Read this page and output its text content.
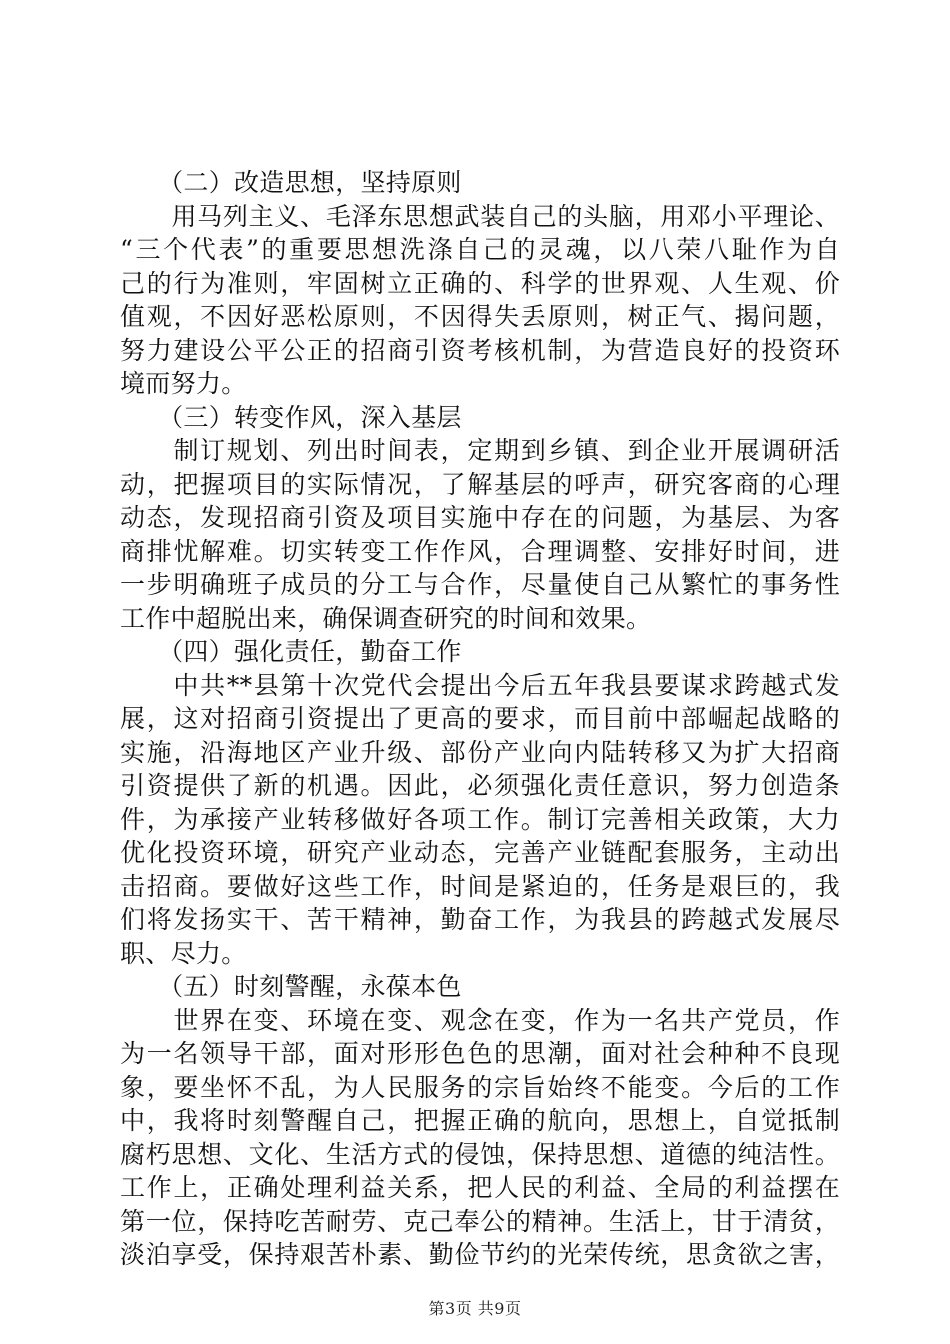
　　（二）改造思想，坚持原则
　　用马列主义、毛泽东思想武装自己的头脑，用邓小平理论、
“三个代表”的重要思想洗涤自己的灵魂，以八荣八耻作为自
己的行为准则，牢固树立正确的、科学的世界观、人生观、价
值观，不因好恶松原则，不因得失丢原则，树正气、揭问题，
努力建设公平公正的招商引资考核机制，为营造良好的投资环
境而努力。
　　（三）转变作风，深入基层
　　制订规划、列出时间表，定期到乡镇、到企业开展调研活
动，把握项目的实际情况，了解基层的呼声，研究客商的心理
动态，发现招商引资及项目实施中存在的问题，为基层、为客
商排忧解难。切实转变工作作风，合理调整、安排好时间，进
一步明确班子成员的分工与合作，尽量使自己从繁忙的事务性
工作中超脱出来，确保调查研究的时间和效果。
　　（四）强化责任，勤奋工作
　　中共**县第十次党代会提出今后五年我县要谋求跨越式发
展，这对招商引资提出了更高的要求，而目前中部崛起战略的
实施，沿海地区产业升级、部份产业向内陆转移又为扩大招商
引资提供了新的机遇。因此，必须强化责任意识，努力创造条
件，为承接产业转移做好各项工作。制订完善相关政策，大力
优化投资环境，研究产业动态，完善产业链配套服务，主动出
击招商。要做好这些工作，时间是紧迫的，任务是艰巨的，我
们将发扬实干、苦干精神，勤奋工作，为我县的跨越式发展尽
职、尽力。
　　（五）时刻警醒，永葆本色
　　世界在变、环境在变、观念在变，作为一名共产党员，作
为一名领导干部，面对形形色色的思潮，面对社会种种不良现
象，要坐怀不乱，为人民服务的宗旨始终不能变。今后的工作
中，我将时刻警醒自己，把握正确的航向，思想上，自觉抵制
腐朽思想、文化、生活方式的侵蚀，保持思想、道德的纯洁性。
工作上，正确处理利益关系，把人民的利益、全局的利益摆在
第一位，保持吃苦耐劳、克己奉公的精神。生活上，甘于清贫，
淡泊享受，保持艰苦朴素、勤俭节约的光荣传统，思贪欲之害，
第3页 共9页
